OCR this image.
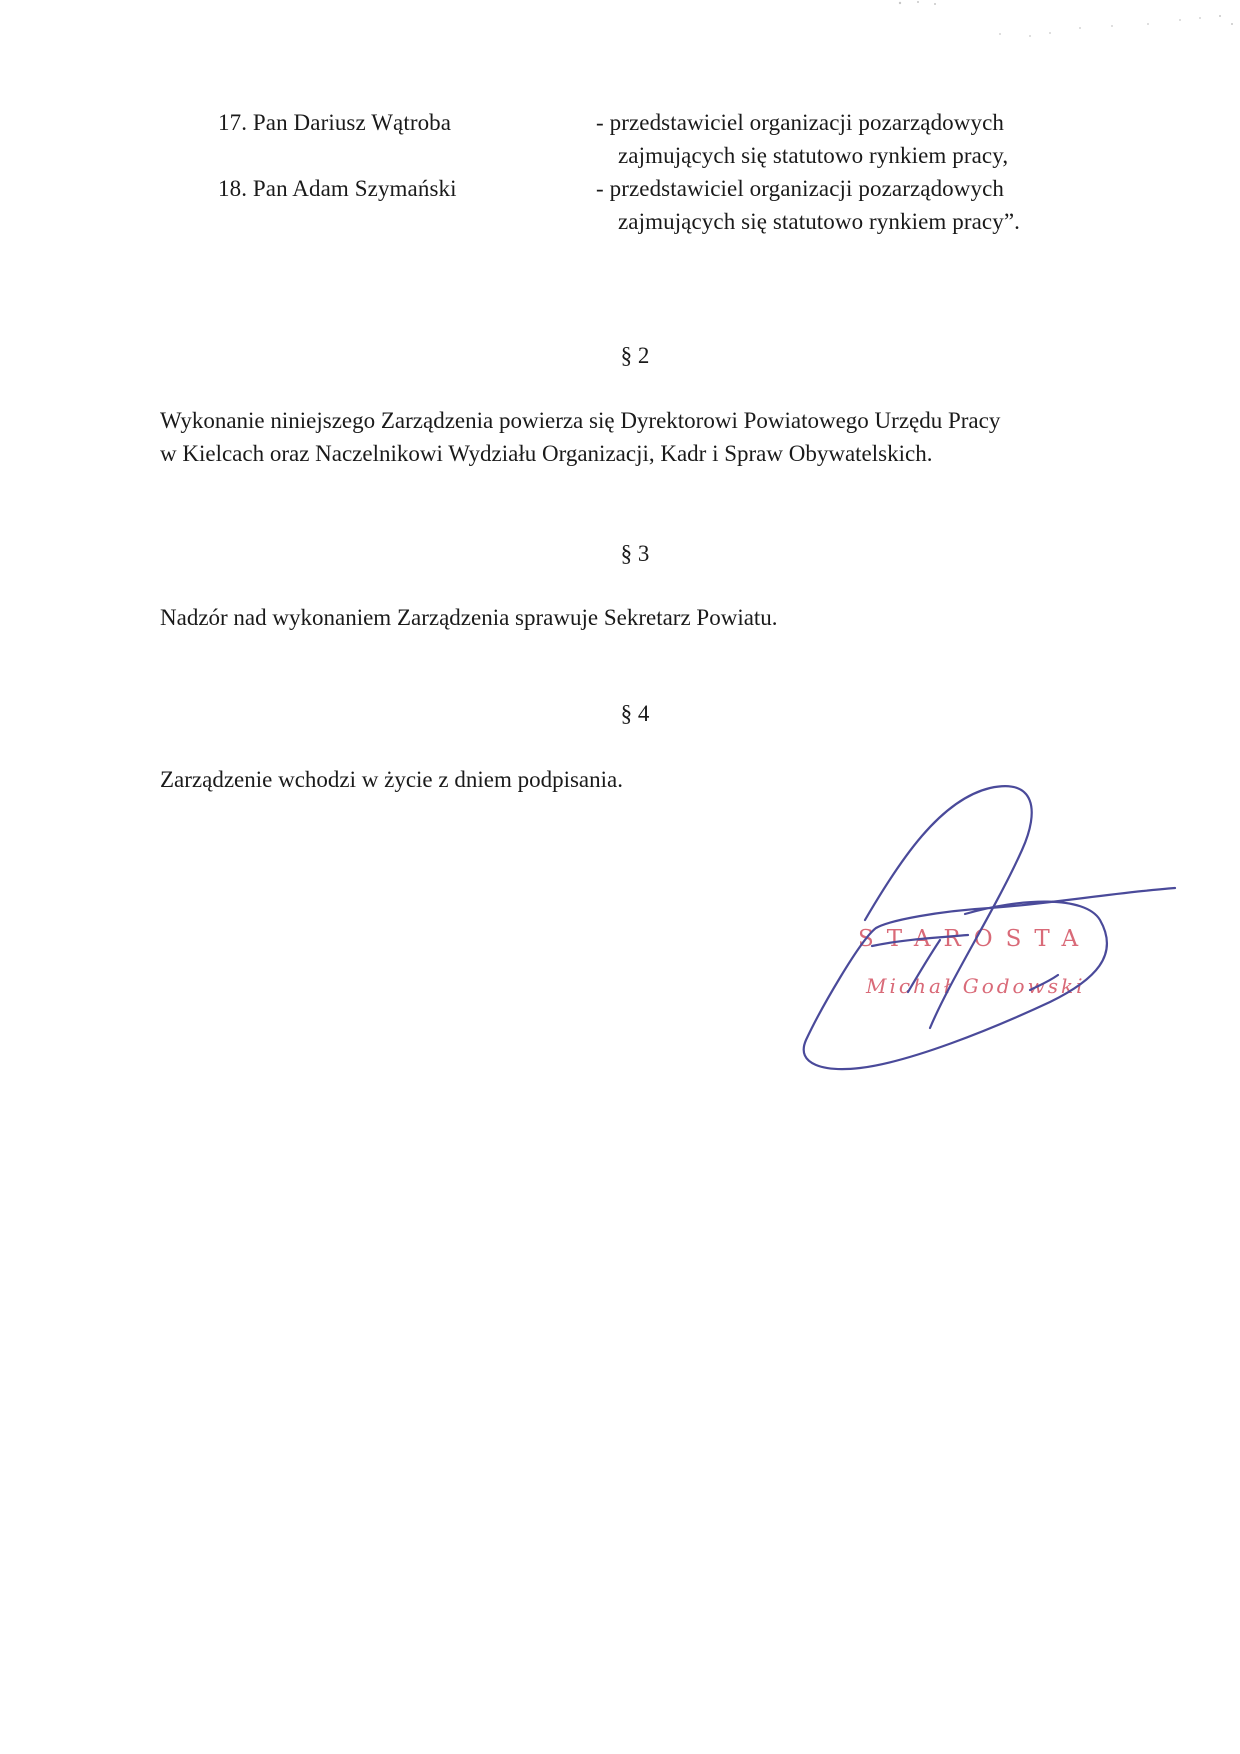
17. Pan Dariusz Wątroba	- przedstawiciel organizacji pozarządowych
zajmujących się statutowo rynkiem pracy,
18. Pan Adam Szymański	- przedstawiciel organizacji pozarządowych
zajmujących się statutowo rynkiem pracy”.
§ 2
Wykonanie niniejszego Zarządzenia powierza się Dyrektorowi Powiatowego Urzędu Pracy
w Kielcach oraz Naczelnikowi Wydziału Organizacji, Kadr i Spraw Obywatelskich.
§ 3
Nadzór nad wykonaniem Zarządzenia sprawuje Sekretarz Powiatu.
§ 4
Zarządzenie wchodzi w życie z dniem podpisania.
STAROSTA
Michał Godowski
